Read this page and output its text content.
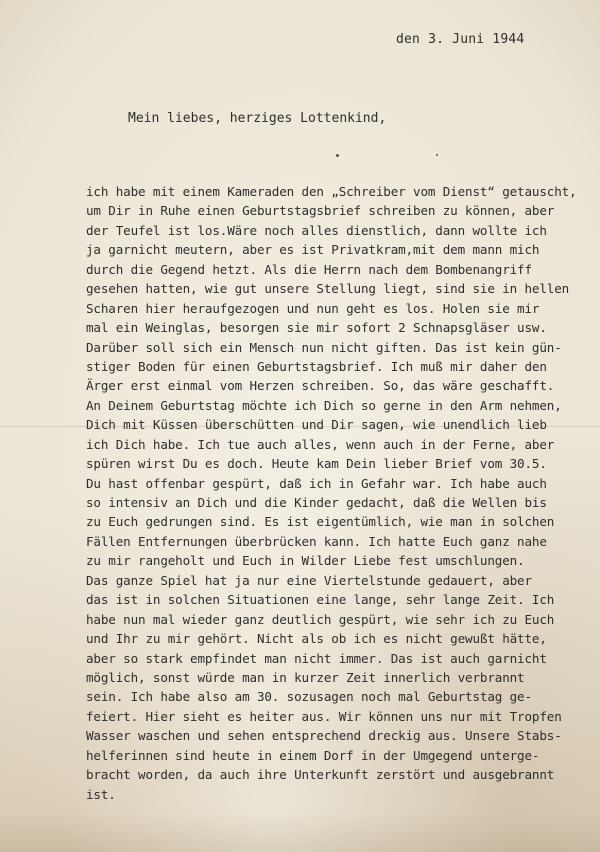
den 3. Juni 1944
Mein liebes, herziges Lottenkind,
ich habe mit einem Kameraden den „Schreiber vom Dienst“ getauscht,
um Dir in Ruhe einen Geburtstagsbrief schreiben zu können, aber
der Teufel ist los.Wäre noch alles dienstlich, dann wollte ich
ja garnicht meutern, aber es ist Privatkram,mit dem mann mich
durch die Gegend hetzt. Als die Herrn nach dem Bombenangriff
gesehen hatten, wie gut unsere Stellung liegt, sind sie in hellen
Scharen hier heraufgezogen und nun geht es los. Holen sie mir
mal ein Weinglas, besorgen sie mir sofort 2 Schnapsgläser usw.
Darüber soll sich ein Mensch nun nicht giften. Das ist kein gün-
stiger Boden für einen Geburtstagsbrief. Ich muß mir daher den
Ärger erst einmal vom Herzen schreiben. So, das wäre geschafft.
An Deinem Geburtstag möchte ich Dich so gerne in den Arm nehmen,
Dich mit Küssen überschütten und Dir sagen, wie unendlich lieb
ich Dich habe. Ich tue auch alles, wenn auch in der Ferne, aber
spüren wirst Du es doch. Heute kam Dein lieber Brief vom 30.5.
Du hast offenbar gespürt, daß ich in Gefahr war. Ich habe auch
so intensiv an Dich und die Kinder gedacht, daß die Wellen bis
zu Euch gedrungen sind. Es ist eigentümlich, wie man in solchen
Fällen Entfernungen überbrücken kann. Ich hatte Euch ganz nahe
zu mir rangeholt und Euch in Wilder Liebe fest umschlungen.
Das ganze Spiel hat ja nur eine Viertelstunde gedauert, aber
das ist in solchen Situationen eine lange, sehr lange Zeit. Ich
habe nun mal wieder ganz deutlich gespürt, wie sehr ich zu Euch
und Ihr zu mir gehört. Nicht als ob ich es nicht gewußt hätte,
aber so stark empfindet man nicht immer. Das ist auch garnicht
möglich, sonst würde man in kurzer Zeit innerlich verbrannt
sein. Ich habe also am 30. sozusagen noch mal Geburtstag ge-
feiert. Hier sieht es heiter aus. Wir können uns nur mit Tropfen
Wasser waschen und sehen entsprechend dreckig aus. Unsere Stabs-
helferinnen sind heute in einem Dorf in der Umgegend unterge-
bracht worden, da auch ihre Unterkunft zerstört und ausgebrannt
ist.
